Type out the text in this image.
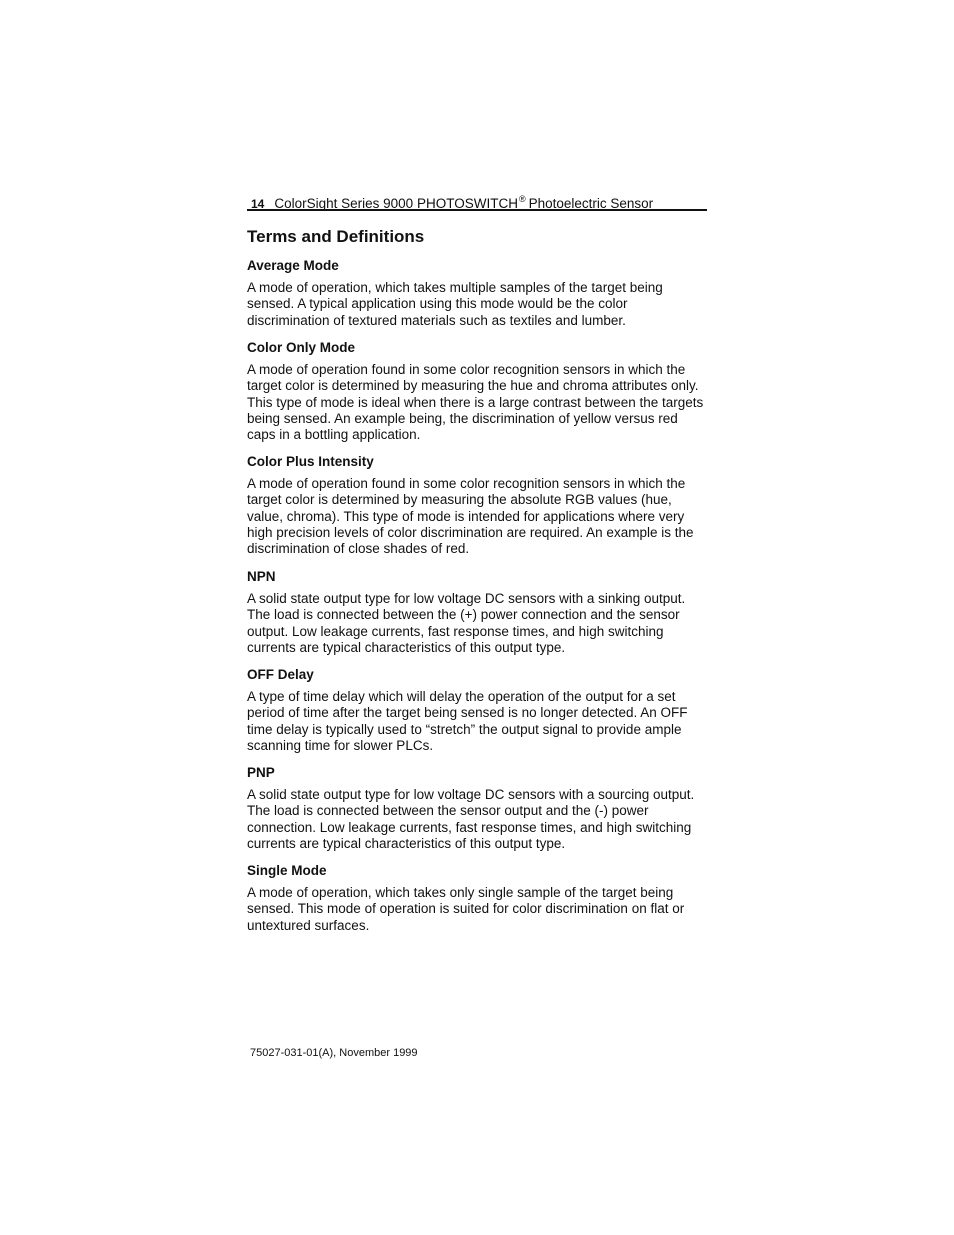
14 ColorSight Series 9000 PHOTOSWITCH® Photoelectric Sensor
Terms and Definitions
Average Mode

A mode of operation, which takes multiple samples of the target being sensed. A typical application using this mode would be the color discrimination of textured materials such as textiles and lumber.

Color Only Mode

A mode of operation found in some color recognition sensors in which the target color is determined by measuring the hue and chroma attributes only. This type of mode is ideal when there is a large contrast between the targets being sensed. An example being, the discrimination of yellow versus red caps in a bottling application.

Color Plus Intensity

A mode of operation found in some color recognition sensors in which the target color is determined by measuring the absolute RGB values (hue, value, chroma). This type of mode is intended for applications where very high precision levels of color discrimination are required. An example is the discrimination of close shades of red.

NPN

A solid state output type for low voltage DC sensors with a sinking output. The load is connected between the (+) power connection and the sensor output. Low leakage currents, fast response times, and high switching currents are typical characteristics of this output type.

OFF Delay

A type of time delay which will delay the operation of the output for a set period of time after the target being sensed is no longer detected. An OFF time delay is typically used to “stretch” the output signal to provide ample scanning time for slower PLCs.

PNP

A solid state output type for low voltage DC sensors with a sourcing output. The load is connected between the sensor output and the (-) power connection. Low leakage currents, fast response times, and high switching currents are typical characteristics of this output type.

Single Mode

A mode of operation, which takes only single sample of the target being sensed. This mode of operation is suited for color discrimination on flat or untextured surfaces.

75027-031-01(A), November 1999
